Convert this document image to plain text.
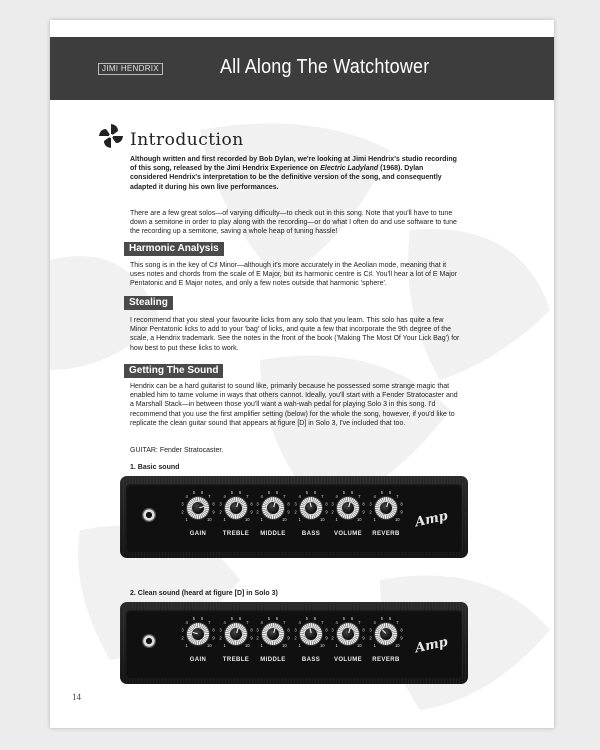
JIMI HENDRIX	All Along The Watchtower
Introduction

Although written and first recorded by Bob Dylan, we're looking at Jimi Hendrix's studio recording of this song, released by the Jimi Hendrix Experience on Electric Ladyland (1968). Dylan considered Hendrix's interpretation to be the definitive version of the song, and consequently adapted it during his own live performances.

There are a few great solos—of varying difficulty—to check out in this song. Note that you'll have to tune down a semitone in order to play along with the recording—or do what I often do and use software to tune the recording up a semitone, saving a whole heap of tuning hassle!

Harmonic Analysis

This song is in the key of C♯ Minor—although it's more accurately in the Aeolian mode, meaning that it uses notes and chords from the scale of E Major, but its harmonic centre is C♯. You'll hear a lot of E Major Pentatonic and E Major notes, and only a few notes outside that harmonic 'sphere'.

Stealing

I recommend that you steal your favourite licks from any solo that you learn. This solo has quite a few Minor Pentatonic licks to add to your 'bag' of licks, and quite a few that incorporate the 9th degree of the scale, a Hendrix trademark. See the notes in the front of the book ('Making The Most Of Your Lick Bag') for how best to put these licks to work.

Getting The Sound

Hendrix can be a hard guitarist to sound like, primarily because he possessed some strange magic that enabled him to tame volume in ways that others cannot. Ideally, you'll start with a Fender Stratocaster and a Marshall Stack—in between those you'll want a wah-wah pedal for playing Solo 3 in this song. I'd recommend that you use the first amplifier setting (below) for the whole the song, however, if you'd like to replicate the clean guitar sound that appears at figure [D] in Solo 3, I've included that too.

GUITAR: Fender Stratocaster.

1. Basic sound

1
2
3
4
5 6
7
8
9
10
GAIN
1
2
3
4
5 6
7
8
9
10
TREBLE
1
2
3
4
5 6
7
8
9
10
MIDDLE
1
2
3
4
5 6
7
8
9
10
BASS
1
2
3
4
5 6
7
8
9
10
VOLUME
1
2
3
4
5 6
7
8
9
10
REVERB
Amp

2. Clean sound (heard at figure [D] in Solo 3)

1
2
3
4
5 6
7
8
9
10
GAIN
1
2
3
4
5 6
7
8
9
10
TREBLE
1
2
3
4
5 6
7
8
9
10
MIDDLE
1
2
3
4
5 6
7
8
9
10
BASS
1
2
3
4
5 6
7
8
9
10
VOLUME
1
2
3
4
5 6
7
8
9
10
REVERB
Amp
14
